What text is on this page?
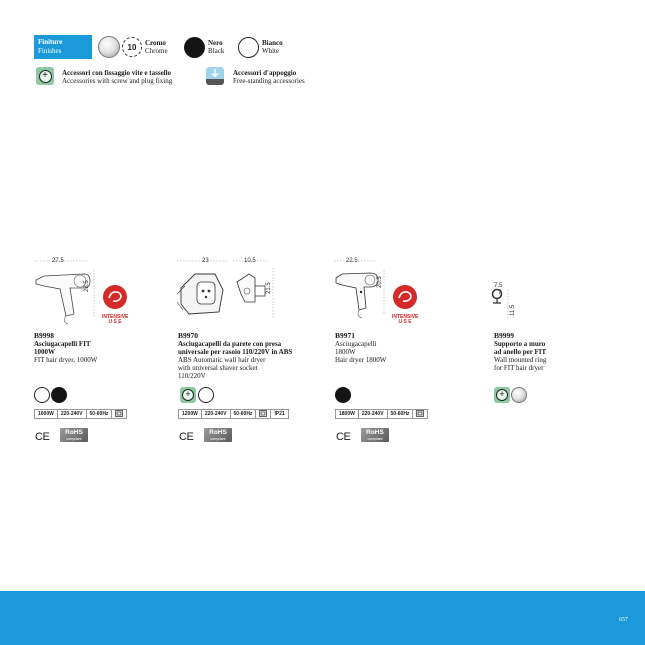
Finiture
Finishes	10	Cromo
Chrome
Nero
Black
Bianco
White
+	Accessori con fissaggio vite e tassello
Accessories with screw and plug fixing
Accessori d'appoggio
Free-standing accessories
27.5
28.5
INTENSIVE
U S E
B9998
Asciugacapelli FIT
1000W
FIT hair dryer, 1000W
1000W	220-240V	50-60Hz
CE	RoHS
compliant
23	10.5
21.5
B9970
Asciugacapelli da parete con presa
universale per rasoio 110/220V in ABS
ABS Automatic wall hair dryer
with universal shaver socket
110/220V
+
1200W	220-240V	50-60Hz	IP21
CE	RoHS
compliant
22.5
20.5
INTENSIVE
U S E
B9971
Asciugacapelli
1800W
Hair dryer 1800W
1800W	220-240V	50-60Hz
CE	RoHS
compliant
7.5
7
11.5
B9999
Supporto a muro
ad anello per FIT
Wall mounted ring
for FIT hair dryer
+
657
